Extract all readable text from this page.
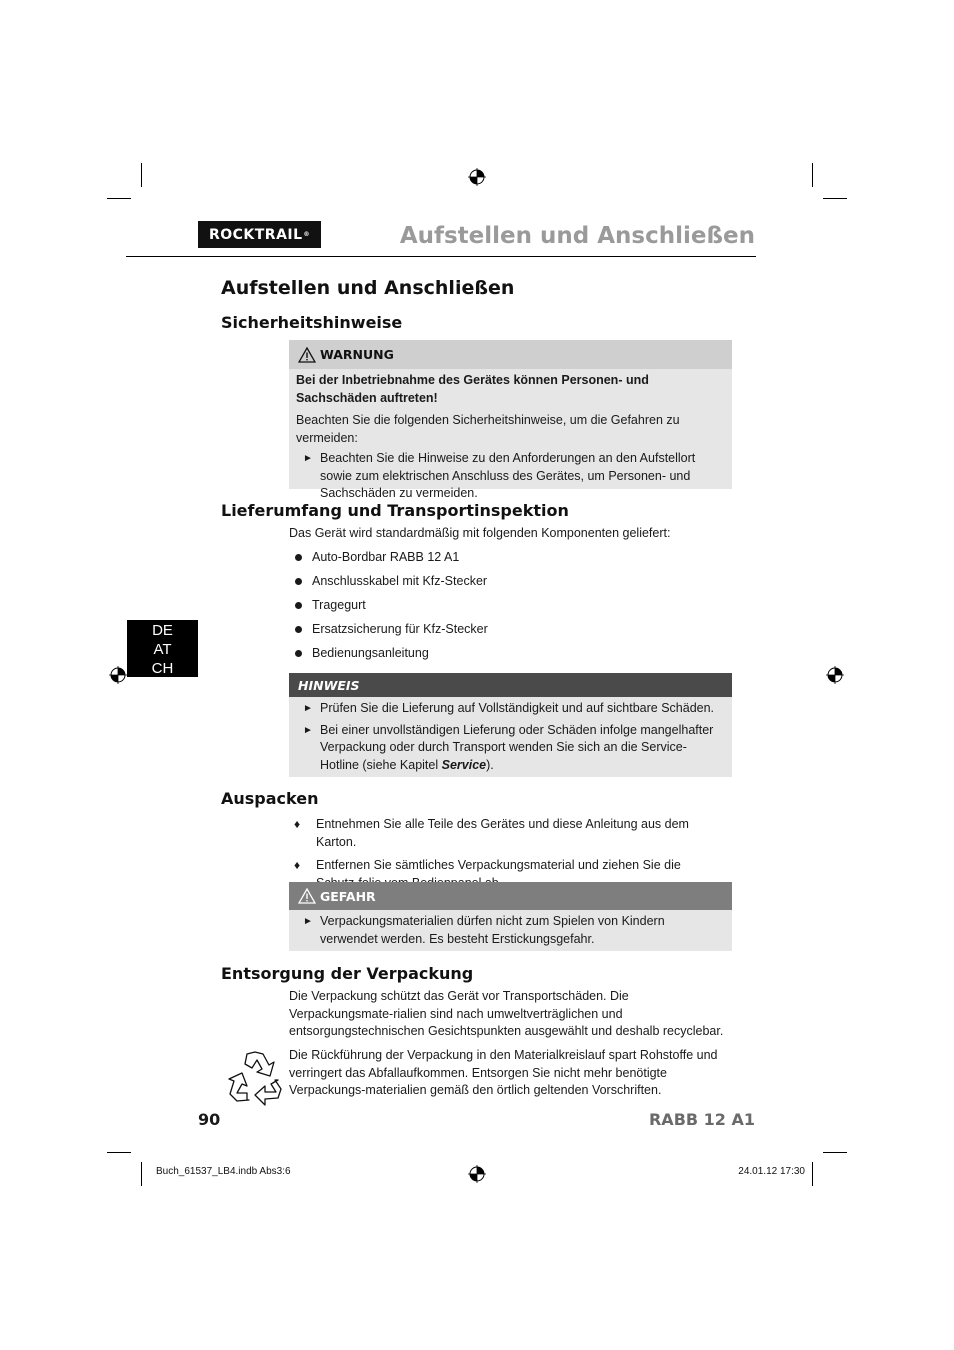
ROCKTRAIL ®	Aufstellen und Anschließen
Aufstellen und Anschließen
Sicherheitshinweise
WARNUNG
Bei der Inbetriebnahme des Gerätes können Personen- und Sachschäden auftreten!
Beachten Sie die folgenden Sicherheitshinweise, um die Gefahren zu vermeiden:
► Beachten Sie die Hinweise zu den Anforderungen an den Aufstellort sowie zum elektrischen Anschluss des Gerätes, um Personen- und Sachschäden zu vermeiden.
Lieferumfang und Transportinspektion
Das Gerät wird standardmäßig mit folgenden Komponenten geliefert:
Auto-Bordbar RABB 12 A1
Anschlusskabel mit Kfz-Stecker
Tragegurt
Ersatzsicherung für Kfz-Stecker
Bedienungsanleitung
DE
AT
CH
HINWEIS
► Prüfen Sie die Lieferung auf Vollständigkeit und auf sichtbare Schäden.
► Bei einer unvollständigen Lieferung oder Schäden infolge mangelhafter Verpackung oder durch Transport wenden Sie sich an die Service-Hotline (siehe Kapitel Service).
Auspacken
♦ Entnehmen Sie alle Teile des Gerätes und diese Anleitung aus dem Karton.
♦ Entfernen Sie sämtliches Verpackungsmaterial und ziehen Sie die
GEFAHR
► Verpackungsmaterialien dürfen nicht zum Spielen von Kindern verwendet werden. Es besteht Erstickungsgefahr.
Entsorgung der Verpackung
Die Verpackung schützt das Gerät vor Transportschäden. Die Verpackungsmate-rialien sind nach umweltverträglichen und entsorgungstechnischen Gesichtspunkten ausgewählt und deshalb recyclebar.
Die Rückführung der Verpackung in den Materialkreislauf spart Rohstoffe und verringert das Abfallaufkommen. Entsorgen Sie nicht mehr benötigte Verpackungs-materialien gemäß den örtlich geltenden Vorschriften.
90	RABB 12 A1
Buch_61537_LB4.indb Abs3:6	24.01.12 17:30
